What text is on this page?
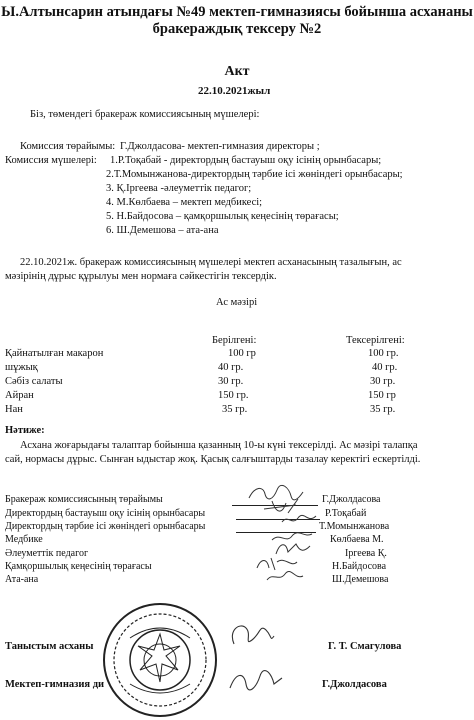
Ы.Алтынсарин атындағы №49 мектеп-гимназиясы бойынша асхананы
бракераждық тексеру №2
Акт
22.10.2021жыл
Біз, төмендегі бракераж комиссиясының мүшелері:
Комиссия төрайымы: Г.Джолдасова- мектеп-гимназия директоры ;
Комиссия мүшелері: 1.Р.Тоқабай - директордың бастауыш оқу ісінің орынбасары;
2.Т.Момынжанова-директордың тәрбие ісі жөніндегі орынбасары;
3. Қ.Іргеева -әлеуметтік педагог;
4. М.Көлбаева – мектеп медбикесі;
5. Н.Байдосова – қамқоршылық кеңесінің төрағасы;
6. Ш.Демешова – ата-ана
22.10.2021ж. бракераж комиссиясының мүшелері мектеп асханасының тазалығын, ас
мәзірінің дұрыс құрылуы мен нормаға сәйкестігін тексердік.
Ас мәзірі
Берілгені:	Тексерілгені:
Қайнатылған макарон	100 гр	100 гр.
шұжық	40 гр.	40 гр.
Сәбіз салаты	30 гр.	30 гр.
Айран	150 гр.	150 гр
Нан	35 гр.	35 гр.
Нәтиже:
Асхана жоғарыдағы талаптар бойынша қазанның 10-ы күні тексерілді. Ас мәзірі талапқа
сай, нормасы дұрыс. Сынған ыдыстар жоқ. Қасық салғыштарды тазалау керектігі ескертілді.
Бракераж комиссиясының төрайымы	Г.Джолдасова
Директордың бастауыш оқу ісінің орынбасары	Р.Тоқабай
Директордың тәрбие ісі жөніндегі орынбасары	Т.Момынжанова
Медбике	Көлбаева М.
Әлеуметтік педагог	Іргеева Қ.
Қамқоршылық кеңесінің төрағасы	Н.Байдосова
Ата-ана	Ш.Демешова
Таныстым асханы	Г. Т. Смагулова
Мектеп-гимназия ди	Г.Джолдасова
